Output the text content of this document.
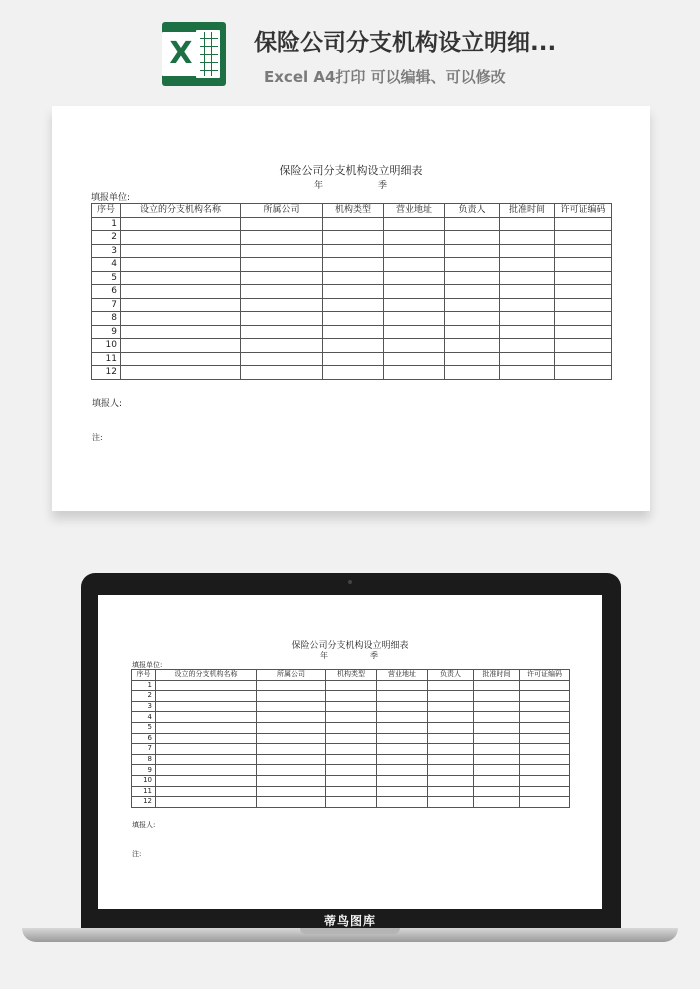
X	保险公司分支机构设立明细...
Excel A4打印 可以编辑、可以修改
保险公司分支机构设立明细表
年	季
填报单位:
序号	设立的分支机构名称	所属公司	机构类型	营业地址	负责人	批准时间	许可证编码
1							
2							
3							
4							
5							
6							
7							
8							
9							
10							
11							
12							
填报人:
注:
保险公司分支机构设立明细表
年	季
填报单位:
序号	设立的分支机构名称	所属公司	机构类型	营业地址	负责人	批准时间	许可证编码
1							
2							
3							
4							
5							
6							
7							
8							
9							
10							
11							
12							
填报人:
注:
蒂鸟图库
